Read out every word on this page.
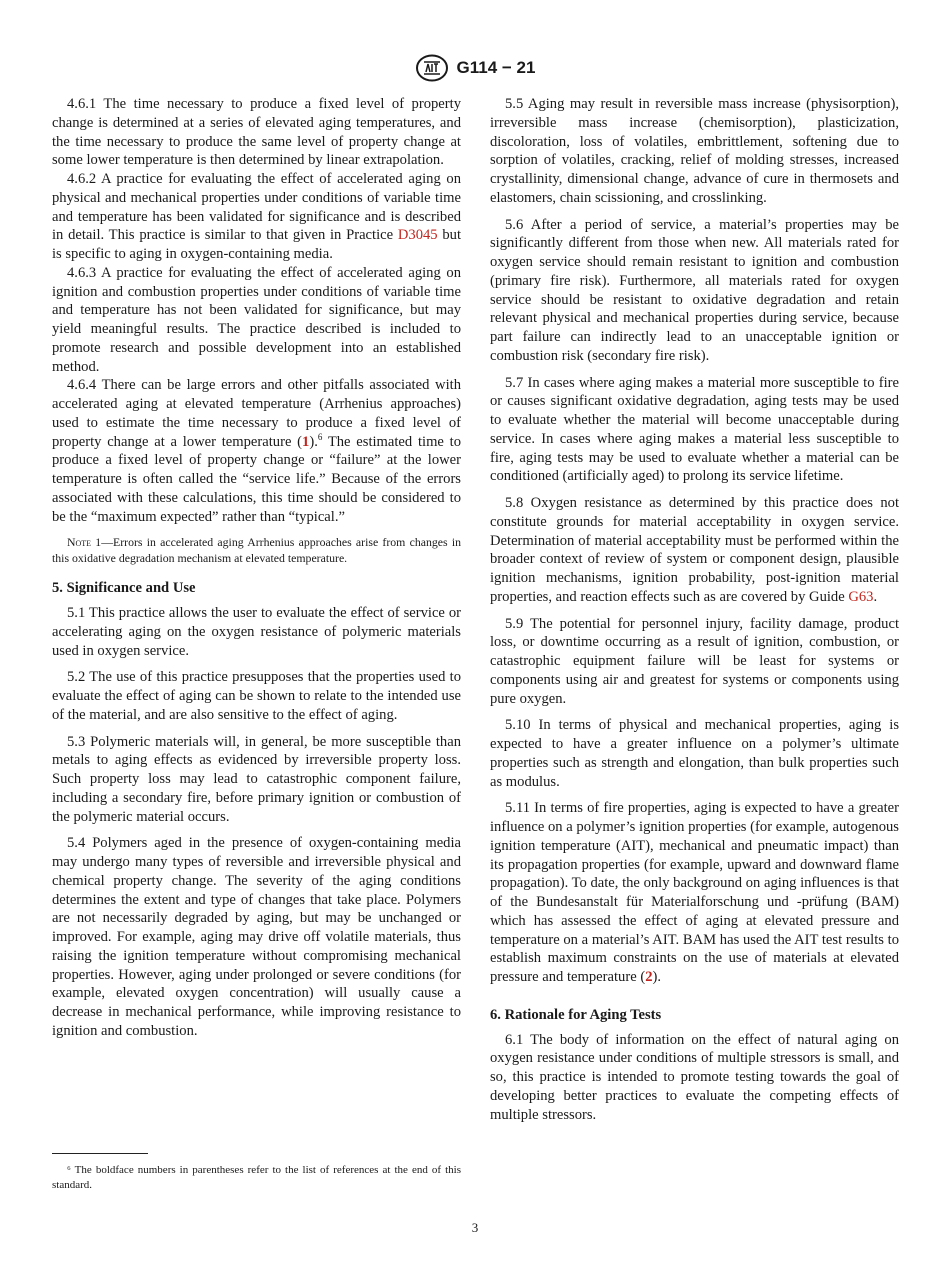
G114 − 21

4.6.1 The time necessary to produce a fixed level of property change is determined at a series of elevated aging temperatures, and the time necessary to produce the same level of property change at some lower temperature is then determined by linear extrapolation.

4.6.2 A practice for evaluating the effect of accelerated aging on physical and mechanical properties under conditions of variable time and temperature has been validated for significance and is described in detail. This practice is similar to that given in Practice D3045 but is specific to aging in oxygen-containing media.

4.6.3 A practice for evaluating the effect of accelerated aging on ignition and combustion properties under conditions of variable time and temperature has not been validated for significance, but may yield meaningful results. The practice described is included to promote research and possible development into an established method.

4.6.4 There can be large errors and other pitfalls associated with accelerated aging at elevated temperature (Arrhenius approaches) used to estimate the time necessary to produce a fixed level of property change at a lower temperature (1).$^6$ The estimated time to produce a fixed level of property change or “failure” at the lower temperature is often called the “service life.” Because of the errors associated with these calculations, this time should be considered to be the “maximum expected” rather than “typical.”

Note 1—Errors in accelerated aging Arrhenius approaches arise from changes in this oxidative degradation mechanism at elevated temperature.
5. Significance and Use

5.1 This practice allows the user to evaluate the effect of service or accelerating aging on the oxygen resistance of polymeric materials used in oxygen service.

5.2 The use of this practice presupposes that the properties used to evaluate the effect of aging can be shown to relate to the intended use of the material, and are also sensitive to the effect of aging.

5.3 Polymeric materials will, in general, be more susceptible than metals to aging effects as evidenced by irreversible property loss. Such property loss may lead to catastrophic component failure, including a secondary fire, before primary ignition or combustion of the polymeric material occurs.

5.4 Polymers aged in the presence of oxygen-containing media may undergo many types of reversible and irreversible physical and chemical property change. The severity of the aging conditions determines the extent and type of changes that take place. Polymers are not necessarily degraded by aging, but may be unchanged or improved. For example, aging may drive off volatile materials, thus raising the ignition temperature without compromising mechanical properties. However, aging under prolonged or severe conditions (for example, elevated oxygen concentration) will usually cause a decrease in mechanical performance, while improving resistance to ignition and combustion.

5.5 Aging may result in reversible mass increase (physisorption), irreversible mass increase (chemisorption), plasticization, discoloration, loss of volatiles, embrittlement, softening due to sorption of volatiles, cracking, relief of molding stresses, increased crystallinity, dimensional change, advance of cure in thermosets and elastomers, chain scissioning, and crosslinking.

5.6 After a period of service, a material’s properties may be significantly different from those when new. All materials rated for oxygen service should remain resistant to ignition and combustion (primary fire risk). Furthermore, all materials rated for oxygen service should be resistant to oxidative degradation and retain relevant physical and mechanical properties during service, because part failure can indirectly lead to an unacceptable ignition or combustion risk (secondary fire risk).

5.7 In cases where aging makes a material more susceptible to fire or causes significant oxidative degradation, aging tests may be used to evaluate whether the material will become unacceptable during service. In cases where aging makes a material less susceptible to fire, aging tests may be used to evaluate whether a material can be conditioned (artificially aged) to prolong its service lifetime.

5.8 Oxygen resistance as determined by this practice does not constitute grounds for material acceptability in oxygen service. Determination of material acceptability must be performed within the broader context of review of system or component design, plausible ignition mechanisms, ignition probability, post-ignition material properties, and reaction effects such as are covered by Guide G63.

5.9 The potential for personnel injury, facility damage, product loss, or downtime occurring as a result of ignition, combustion, or catastrophic equipment failure will be least for systems or components using air and greatest for systems or components using pure oxygen.

5.10 In terms of physical and mechanical properties, aging is expected to have a greater influence on a polymer’s ultimate properties such as strength and elongation, than bulk properties such as modulus.

5.11 In terms of fire properties, aging is expected to have a greater influence on a polymer’s ignition properties (for example, autogenous ignition temperature (AIT), mechanical and pneumatic impact) than its propagation properties (for example, upward and downward flame propagation). To date, the only background on aging influences is that of the Bundesanstalt für Materialforschung und -prüfung (BAM) which has assessed the effect of aging at elevated pressure and temperature on a material’s AIT. BAM has used the AIT test results to establish maximum constraints on the use of materials at elevated pressure and temperature (2).

6. Rationale for Aging Tests

6.1 The body of information on the effect of natural aging on oxygen resistance under conditions of multiple stressors is small, and so, this practice is intended to promote testing towards the goal of developing better practices to evaluate the competing effects of multiple stressors.

⁶ The boldface numbers in parentheses refer to the list of references at the end of this standard.
3
